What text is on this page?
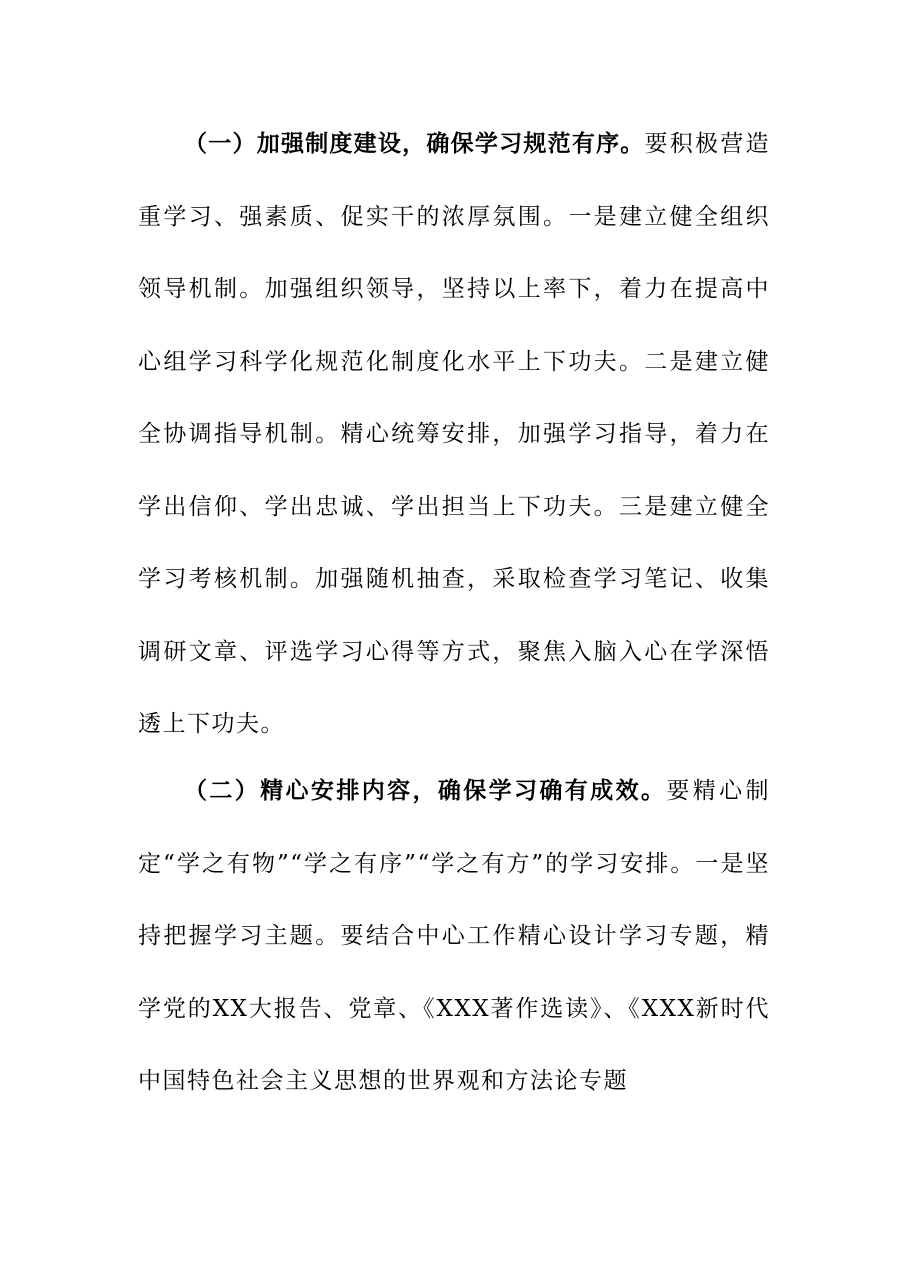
（一）加强制度建设，确保学习规范有序。要积极营造重学习、强素质、促实干的浓厚氛围。一是建立健全组织领导机制。加强组织领导，坚持以上率下，着力在提高中心组学习科学化规范化制度化水平上下功夫。二是建立健全协调指导机制。精心统筹安排，加强学习指导，着力在学出信仰、学出忠诚、学出担当上下功夫。三是建立健全学习考核机制。加强随机抽查，采取检查学习笔记、收集调研文章、评选学习心得等方式，聚焦入脑入心在学深悟透上下功夫。

（二）精心安排内容，确保学习确有成效。要精心制定“学之有物”“学之有序”“学之有方”的学习安排。一是坚持把握学习主题。要结合中心工作精心设计学习专题，精学党的XX大报告、党章、《XXX著作选读》、《XXX新时代中国特色社会主义思想的世界观和方法论专题
